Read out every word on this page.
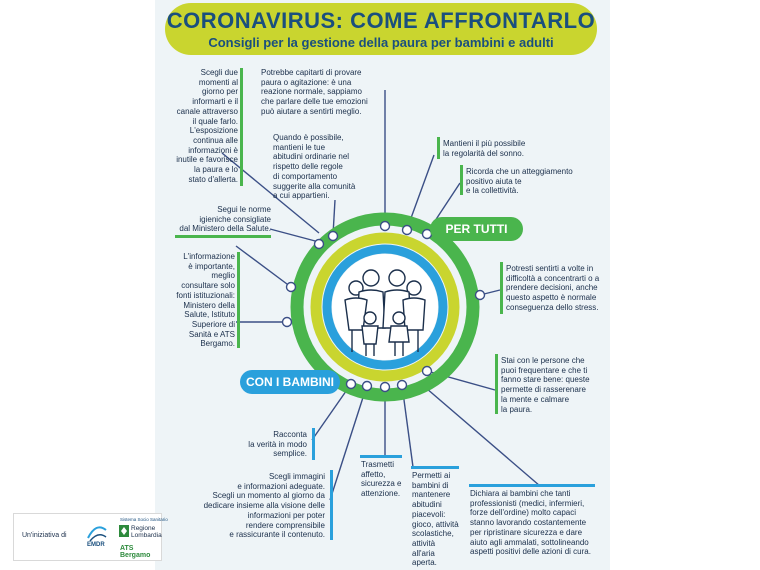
CORONAVIRUS: COME AFFRONTARLO
Consigli per la gestione della paura per bambini e adulti
PER TUTTI
CON I BAMBINI
Scegli due
momenti al
giorno per
informarti e il
canale attraverso
il quale farlo.
L'esposizione
continua alle
informazioni è
inutile e favorisce
la paura e lo
stato d'allerta.
Segui le norme
igieniche consigliate
dal Ministero della Salute.
L'informazione
è importante,
meglio
consultare solo
fonti istituzionali:
Ministero della
Salute, Istituto
Superiore di
Sanità e ATS
Bergamo.
Potrebbe capitarti di provare
paura o agitazione: è una
reazione normale, sappiamo
che parlare delle tue emozioni
può aiutare a sentirti meglio.
Quando è possibile,
mantieni le tue
abitudini ordinarie nel
rispetto delle regole
di comportamento
suggerite alla comunità
a cui appartieni.
Mantieni il più possibile
la regolarità del sonno.
Ricorda che un atteggiamento
positivo aiuta te
e la collettività.
Potresti sentirti a volte in
difficoltà a concentrarti o a
prendere decisioni, anche
questo aspetto è normale
conseguenza dello stress.
Stai con le persone che
puoi frequentare e che ti
fanno stare bene: queste
permette di rasserenare
la mente e calmare
la paura.
Racconta
la verità in modo
semplice.
Scegli immagini
e informazioni adeguate.
Scegli un momento al giorno da
dedicare insieme alla visione delle
informazioni per poter
rendere comprensibile
e rassicurante il contenuto.
Trasmetti
affetto,
sicurezza e
attenzione.
Permetti ai
bambini di
mantenere
abitudini
piacevoli:
gioco, attività
scolastiche,
attività
all'aria
aperta.
Dichiara ai bambini che tanti
professionisti (medici, infermieri,
forze dell'ordine) molto capaci
stanno lavorando costantemente
per ripristinare sicurezza e dare
aiuto agli ammalati, sottolineando
aspetti positivi delle azioni di cura.
Un'iniziativa di
EMDR
Sistema Socio Sanitario
Regione
Lombardia
ATS Bergamo
